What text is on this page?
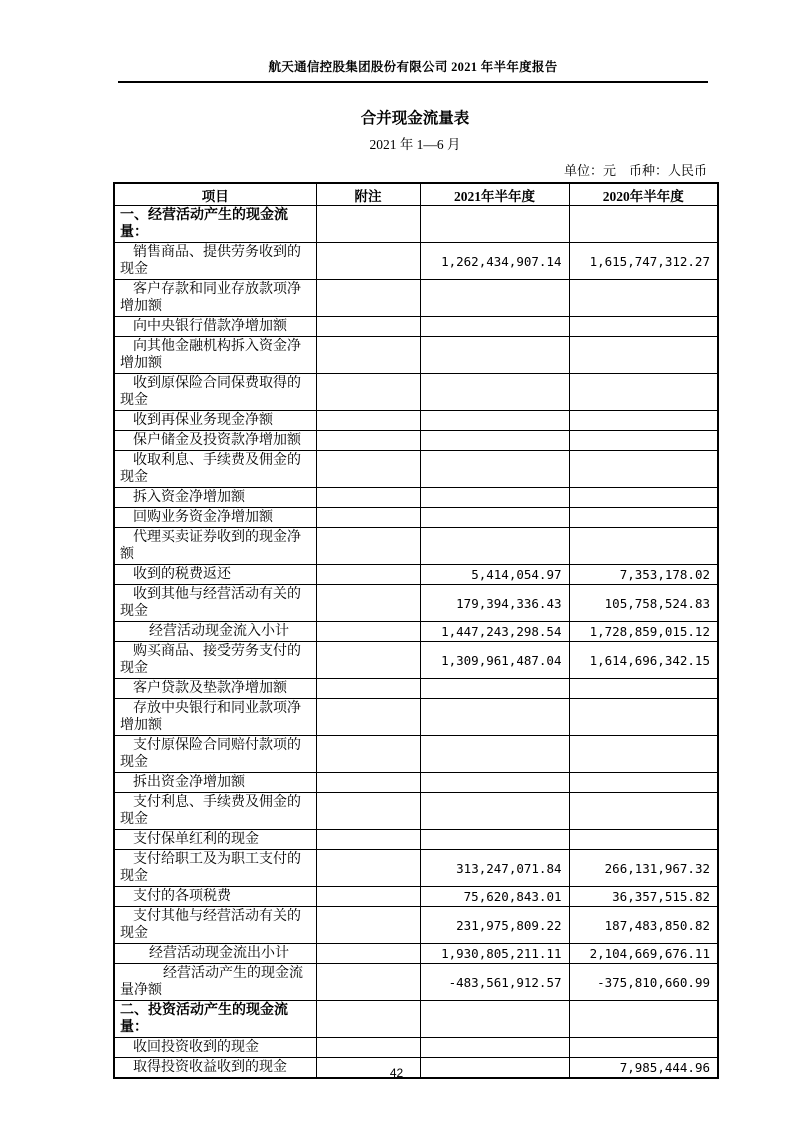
航天通信控股集团股份有限公司 2021 年半年度报告
合并现金流量表
2021 年 1—6 月
单位：元　币种：人民币
项目	附注	2021年半年度	2020年半年度
一、经营活动产生的现金流量：			
销售商品、提供劳务收到的现金		1,262,434,907.14	1,615,747,312.27
客户存款和同业存放款项净增加额			
向中央银行借款净增加额			
向其他金融机构拆入资金净增加额			
收到原保险合同保费取得的现金			
收到再保业务现金净额			
保户储金及投资款净增加额			
收取利息、手续费及佣金的现金			
拆入资金净增加额			
回购业务资金净增加额			
代理买卖证券收到的现金净额			
收到的税费返还		5,414,054.97	7,353,178.02
收到其他与经营活动有关的现金		179,394,336.43	105,758,524.83
经营活动现金流入小计		1,447,243,298.54	1,728,859,015.12
购买商品、接受劳务支付的现金		1,309,961,487.04	1,614,696,342.15
客户贷款及垫款净增加额			
存放中央银行和同业款项净增加额			
支付原保险合同赔付款项的现金			
拆出资金净增加额			
支付利息、手续费及佣金的现金			
支付保单红利的现金			
支付给职工及为职工支付的现金		313,247,071.84	266,131,967.32
支付的各项税费		75,620,843.01	36,357,515.82
支付其他与经营活动有关的现金		231,975,809.22	187,483,850.82
经营活动现金流出小计		1,930,805,211.11	2,104,669,676.11
经营活动产生的现金流量净额		-483,561,912.57	-375,810,660.99
二、投资活动产生的现金流量：			
收回投资收到的现金			
取得投资收益收到的现金			7,985,444.96
42
